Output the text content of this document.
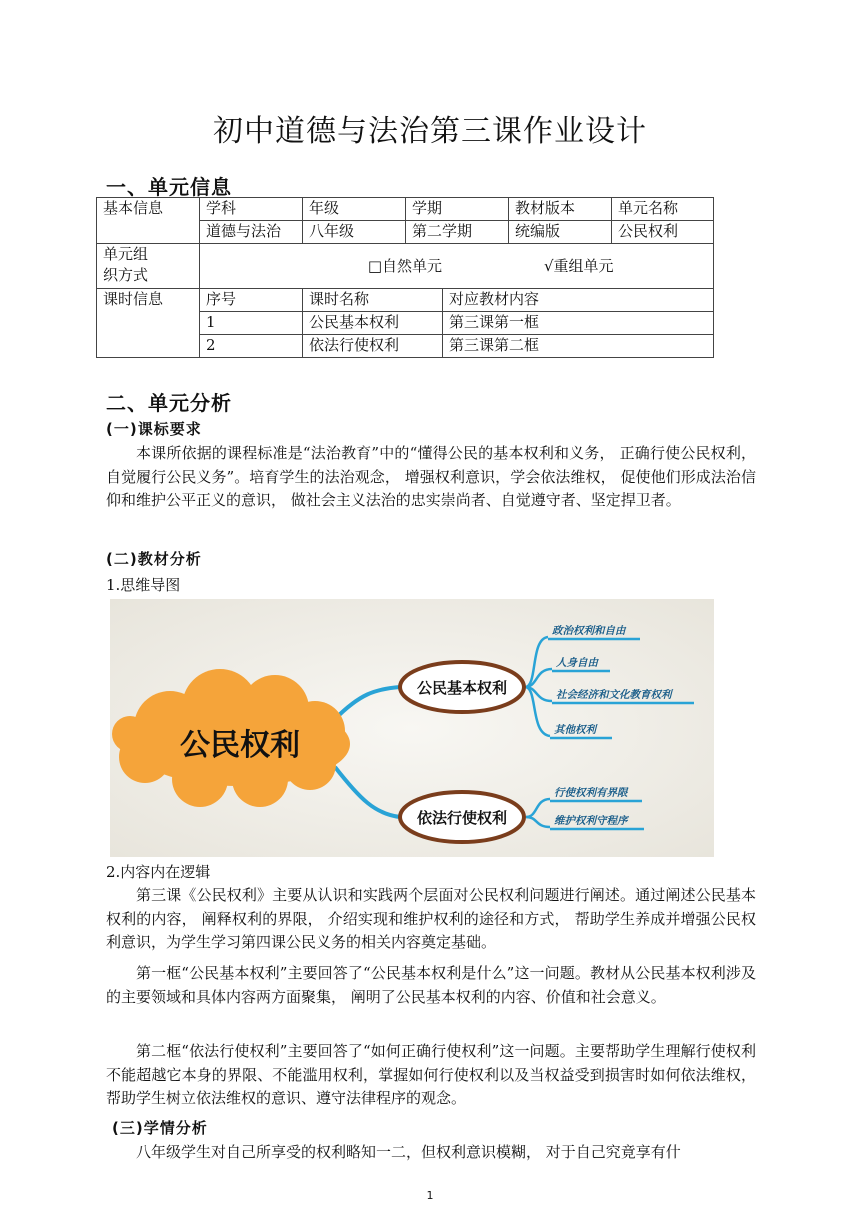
初中道德与法治第三课作业设计
一、单元信息
基本信息	学科	年级	学期		教材版本	单元名称
	道德与法治	八年级	第二学期		统编版	公民权利
单元组
织方式	□自然单元 √重组单元					
课时信息	序号	课时名称		对应教材内容		
	1	公民基本权利		第三课第一框		
	2	依法行使权利		第三课第二框		
二、单元分析
(一)课标要求

本课所依据的课程标准是“法治教育”中的“懂得公民的基本权利和义务， 正确行使公民权利，自觉履行公民义务”。培育学生的法治观念， 增强权利意识，学会依法维权， 促使他们形成法治信仰和维护公平正义的意识， 做社会主义法治的忠实崇尚者、自觉遵守者、坚定捍卫者。

(二)教材分析
1.思维导图
公民权利
公民基本权利
依法行使权利
政治权利和自由
人身自由
社会经济和文化教育权利
其他权利
行使权利有界限
维护权利守程序
2.内容内在逻辑

第三课《公民权利》主要从认识和实践两个层面对公民权利问题进行阐述。通过阐述公民基本权利的内容， 阐释权利的界限， 介绍实现和维护权利的途径和方式， 帮助学生养成并增强公民权利意识，为学生学习第四课公民义务的相关内容奠定基础。

第一框“公民基本权利”主要回答了“公民基本权利是什么”这一问题。教材从公民基本权利涉及的主要领域和具体内容两方面聚集， 阐明了公民基本权利的内容、价值和社会意义。

第二框“依法行使权利”主要回答了“如何正确行使权利”这一问题。主要帮助学生理解行使权利不能超越它本身的界限、不能滥用权利，掌握如何行使权利以及当权益受到损害时如何依法维权，帮助学生树立依法维权的意识、遵守法律程序的观念。

(三)学情分析

八年级学生对自己所享受的权利略知一二，但权利意识模糊， 对于自己究竟享有什

1
